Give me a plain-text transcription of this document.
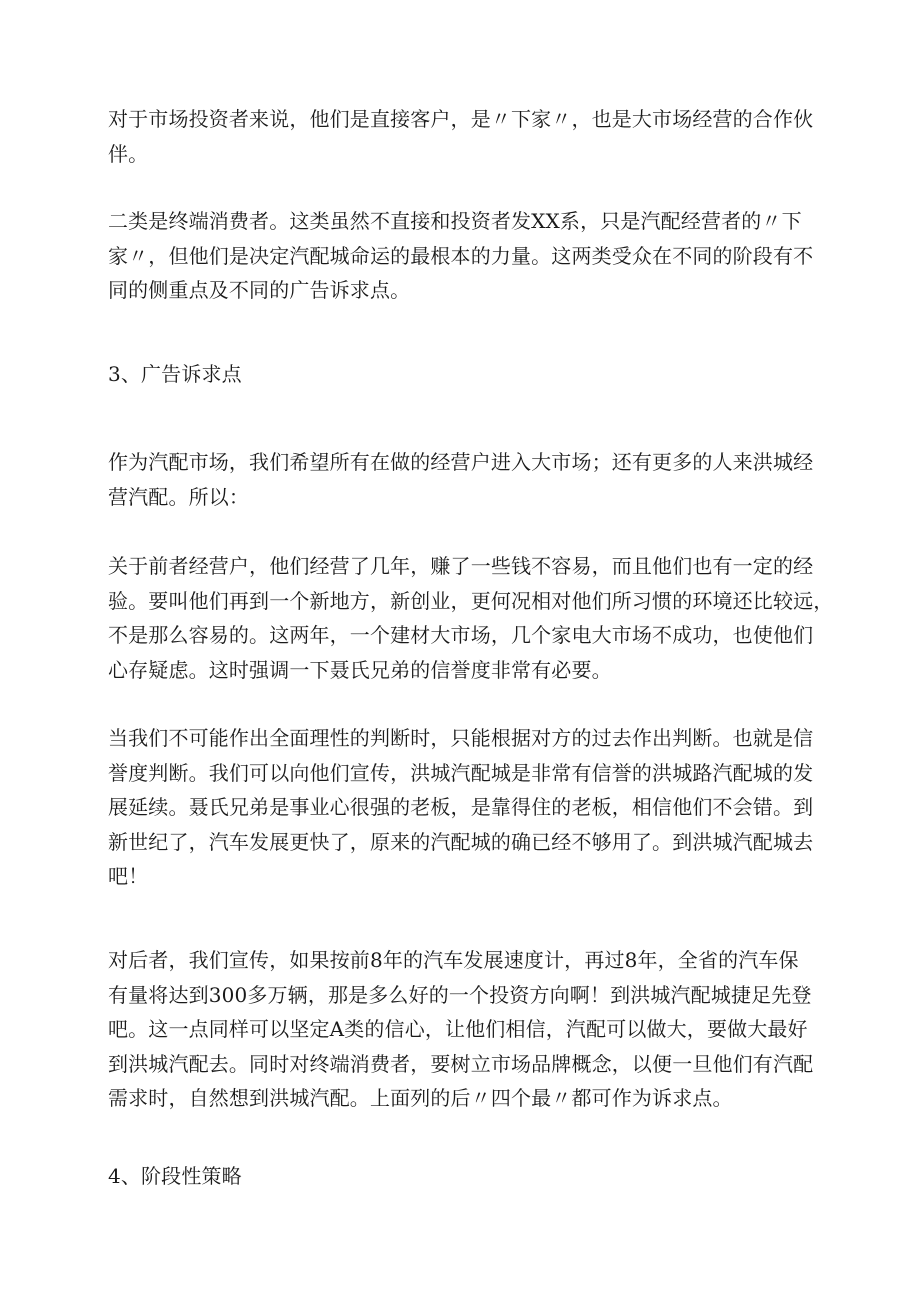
对于市场投资者来说，他们是直接客户，是〃下家〃，也是大市场经营的合作伙
伴。

二类是终端消费者。这类虽然不直接和投资者发XX系，只是汽配经营者的〃下
家〃，但他们是决定汽配城命运的最根本的力量。这两类受众在不同的阶段有不
同的侧重点及不同的广告诉求点。

3、广告诉求点

作为汽配市场，我们希望所有在做的经营户进入大市场；还有更多的人来洪城经
营汽配。所以：

关于前者经营户，他们经营了几年，赚了一些钱不容易，而且他们也有一定的经
验。要叫他们再到一个新地方，新创业，更何况相对他们所习惯的环境还比较远，
不是那么容易的。这两年，一个建材大市场，几个家电大市场不成功，也使他们
心存疑虑。这时强调一下聂氏兄弟的信誉度非常有必要。

当我们不可能作出全面理性的判断时，只能根据对方的过去作出判断。也就是信
誉度判断。我们可以向他们宣传，洪城汽配城是非常有信誉的洪城路汽配城的发
展延续。聂氏兄弟是事业心很强的老板，是靠得住的老板，相信他们不会错。到
新世纪了，汽车发展更快了，原来的汽配城的确已经不够用了。到洪城汽配城去
吧！

对后者，我们宣传，如果按前8年的汽车发展速度计，再过8年，全省的汽车保
有量将达到300多万辆，那是多么好的一个投资方向啊！到洪城汽配城捷足先登
吧。这一点同样可以坚定A类的信心，让他们相信，汽配可以做大，要做大最好
到洪城汽配去。同时对终端消费者，要树立市场品牌概念，以便一旦他们有汽配
需求时，自然想到洪城汽配。上面列的后〃四个最〃都可作为诉求点。

4、阶段性策略
